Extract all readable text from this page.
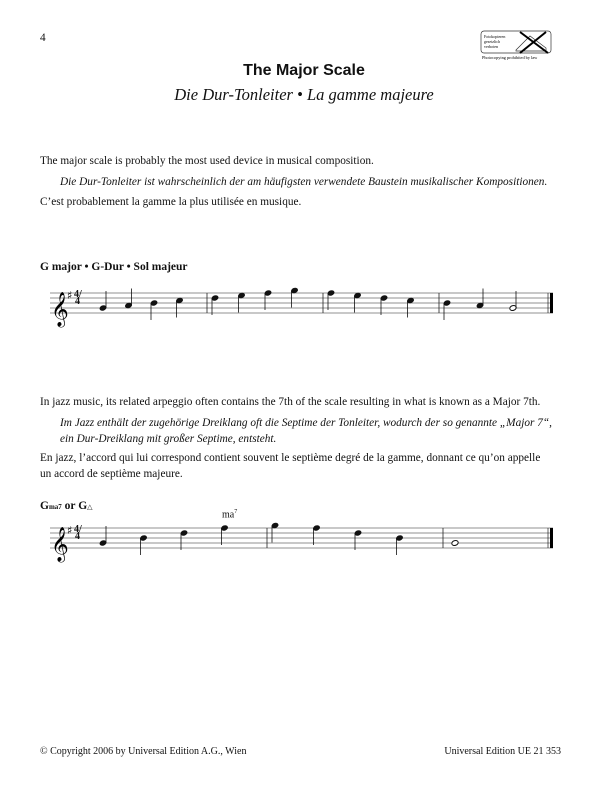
4	Fotokopieren
gesetzlich
verboten
Photocopying prohibited by law
The Major Scale
Die Dur-Tonleiter • La gamme majeure
The major scale is probably the most used device in musical composition.
Die Dur-Tonleiter ist wahrscheinlich der am häufigsten verwendete Baustein musikalischer Kompositionen.
C’est probablement la gamme la plus utilisée en musique.
G major • G-Dur • Sol majeur
In jazz music, its related arpeggio often contains the 7th of the scale resulting in what is known as a Major 7th.
Im Jazz enthält der zugehörige Dreiklang oft die Septime der Tonleiter, wodurch der so genannte „Major 7“,
ein Dur-Dreiklang mit großer Septime, entsteht.
En jazz, l’accord qui lui correspond contient souvent le septième degré de la gamme, donnant ce qu’on appelle
un accord de septième majeure.
Gma7 or G△
$ma^7$
𝄞
♯
𝄞
♯
4/4
4/4
© Copyright 2006 by Universal Edition A.G., Wien	Universal Edition UE 21 353
